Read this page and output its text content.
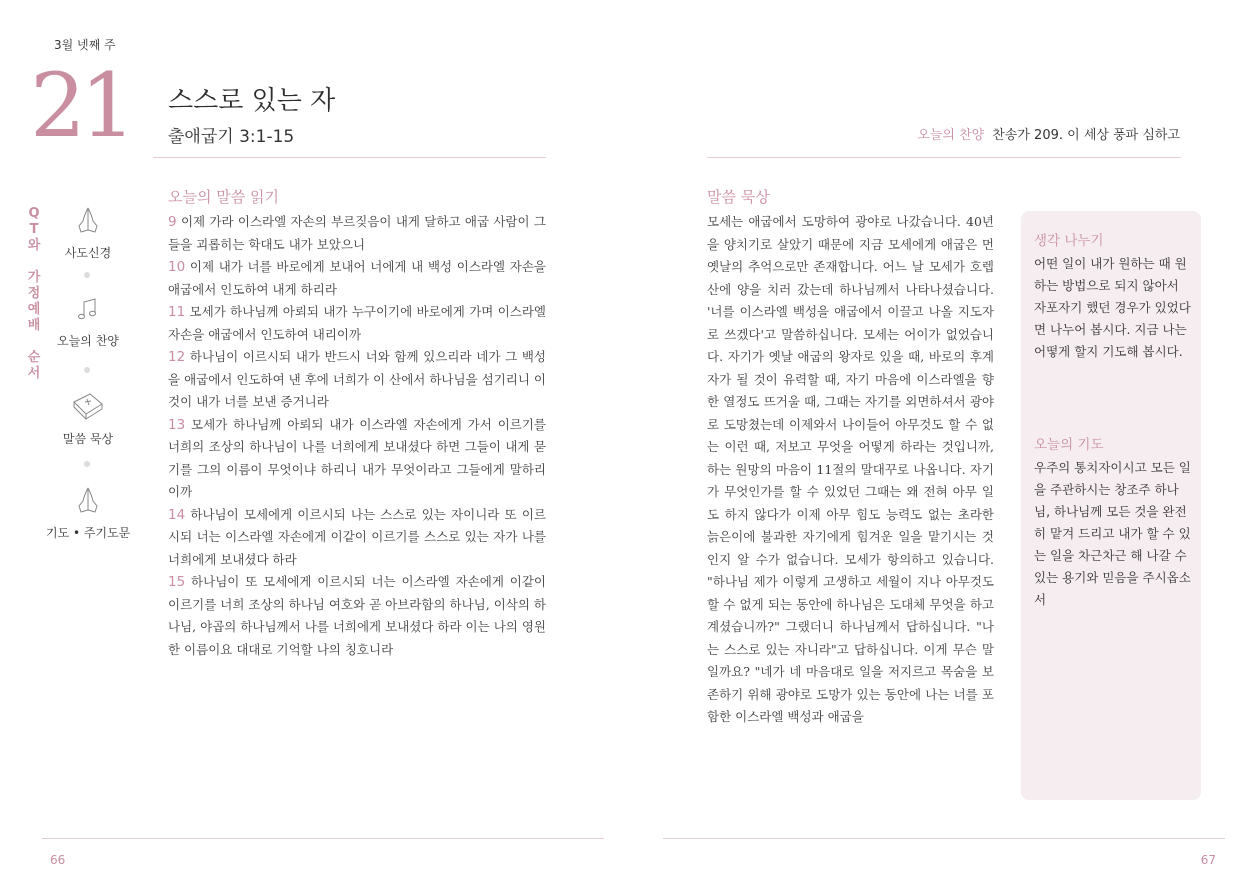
3월 넷째 주
21 스스로 있는 자
출애굽기 3:1-15	오늘의 찬양 찬송가 209. 이 세상 풍파 심하고
Q
T
와

가
정
예
배

순
서
사도신경
오늘의 찬양
말씀 묵상
기도 • 주기도문
오늘의 말씀 읽기

9 이제 가라 이스라엘 자손의 부르짖음이 내게 달하고 애굽 사람이 그들을 괴롭히는 학대도 내가 보았으니

10 이제 내가 너를 바로에게 보내어 너에게 내 백성 이스라엘 자손을 애굽에서 인도하여 내게 하리라

11 모세가 하나님께 아뢰되 내가 누구이기에 바로에게 가며 이스라엘 자손을 애굽에서 인도하여 내리이까

12 하나님이 이르시되 내가 반드시 너와 함께 있으리라 네가 그 백성을 애굽에서 인도하여 낸 후에 너희가 이 산에서 하나님을 섬기리니 이것이 내가 너를 보낸 증거니라

13 모세가 하나님께 아뢰되 내가 이스라엘 자손에게 가서 이르기를 너희의 조상의 하나님이 나를 너희에게 보내셨다 하면 그들이 내게 묻기를 그의 이름이 무엇이냐 하리니 내가 무엇이라고 그들에게 말하리이까

14 하나님이 모세에게 이르시되 나는 스스로 있는 자이니라 또 이르시되 너는 이스라엘 자손에게 이같이 이르기를 스스로 있는 자가 나를 너희에게 보내셨다 하라

15 하나님이 또 모세에게 이르시되 너는 이스라엘 자손에게 이같이 이르기를 너희 조상의 하나님 여호와 곧 아브라함의 하나님, 이삭의 하나님, 야곱의 하나님께서 나를 너희에게 보내셨다 하라 이는 나의 영원한 이름이요 대대로 기억할 나의 칭호니라

말씀 묵상

모세는 애굽에서 도망하여 광야로 나갔습니다. 40년을 양치기로 살았기 때문에 지금 모세에게 애굽은 먼 옛날의 추억으로만 존재합니다. 어느 날 모세가 호렙산에 양을 치러 갔는데 하나님께서 나타나셨습니다. '너를 이스라엘 백성을 애굽에서 이끌고 나올 지도자로 쓰겠다'고 말씀하십니다. 모세는 어이가 없었습니다. 자기가 옛날 애굽의 왕자로 있을 때, 바로의 후계자가 될 것이 유력할 때, 자기 마음에 이스라엘을 향한 열정도 뜨거울 때, 그때는 자기를 외면하셔서 광야로 도망쳤는데 이제와서 나이들어 아무것도 할 수 없는 이런 때, 저보고 무엇을 어떻게 하라는 것입니까, 하는 원망의 마음이 11절의 말대꾸로 나옵니다. 자기가 무엇인가를 할 수 있었던 그때는 왜 전혀 아무 일도 하지 않다가 이제 아무 힘도 능력도 없는 초라한 늙은이에 불과한 자기에게 힘겨운 일을 맡기시는 것인지 알 수가 없습니다. 모세가 항의하고 있습니다. "하나님 제가 이렇게 고생하고 세월이 지나 아무것도 할 수 없게 되는 동안에 하나님은 도대체 무엇을 하고 계셨습니까?" 그랬더니 하나님께서 답하십니다. "나는 스스로 있는 자니라"고 답하십니다. 이게 무슨 말일까요? "네가 네 마음대로 일을 저지르고 목숨을 보존하기 위해 광야로 도망가 있는 동안에 나는 너를 포함한 이스라엘 백성과 애굽을

생각 나누기
어떤 일이 내가 원하는 때 원하는 방법으로 되지 않아서 자포자기 했던 경우가 있었다면 나누어 봅시다. 지금 나는 어떻게 할지 기도해 봅시다.
오늘의 기도
우주의 통치자이시고 모든 일을 주관하시는 창조주 하나님, 하나님께 모든 것을 완전히 맡겨 드리고 내가 할 수 있는 일을 차근차근 해 나갈 수 있는 용기와 믿음을 주시옵소서
66	67
